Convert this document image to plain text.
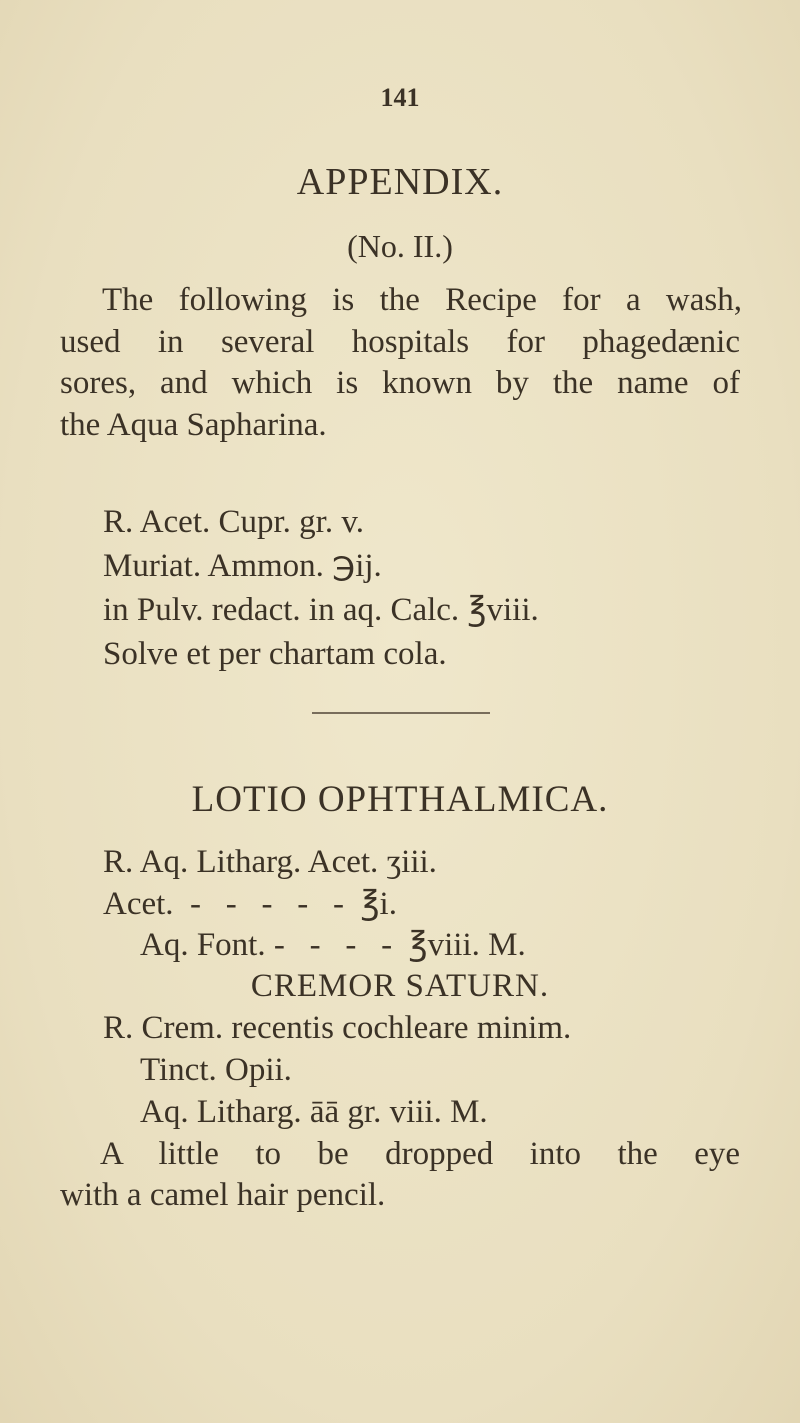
141
APPENDIX.
(No. II.)
The following is the Recipe for a wash,
used in several hospitals for phagedænic
sores, and which is known by the name of
the Aqua Sapharina.
R. Acet. Cupr. gr. v.
Muriat. Ammon. ℈ij.
in Pulv. redact. in aq. Calc. ℥viii.
Solve et per chartam cola.
LOTIO OPHTHALMICA.
R. Aq. Litharg. Acet. ʒiii.
Acet.  -   -   -   -   -  ℥i.
Aq. Font. -   -   -   -  ℥viii. M.
CREMOR SATURN.
R. Crem. recentis cochleare minim.
Tinct. Opii.
Aq. Litharg. āā gr. viii. M.
A little to be dropped into the eye
with a camel hair pencil.
